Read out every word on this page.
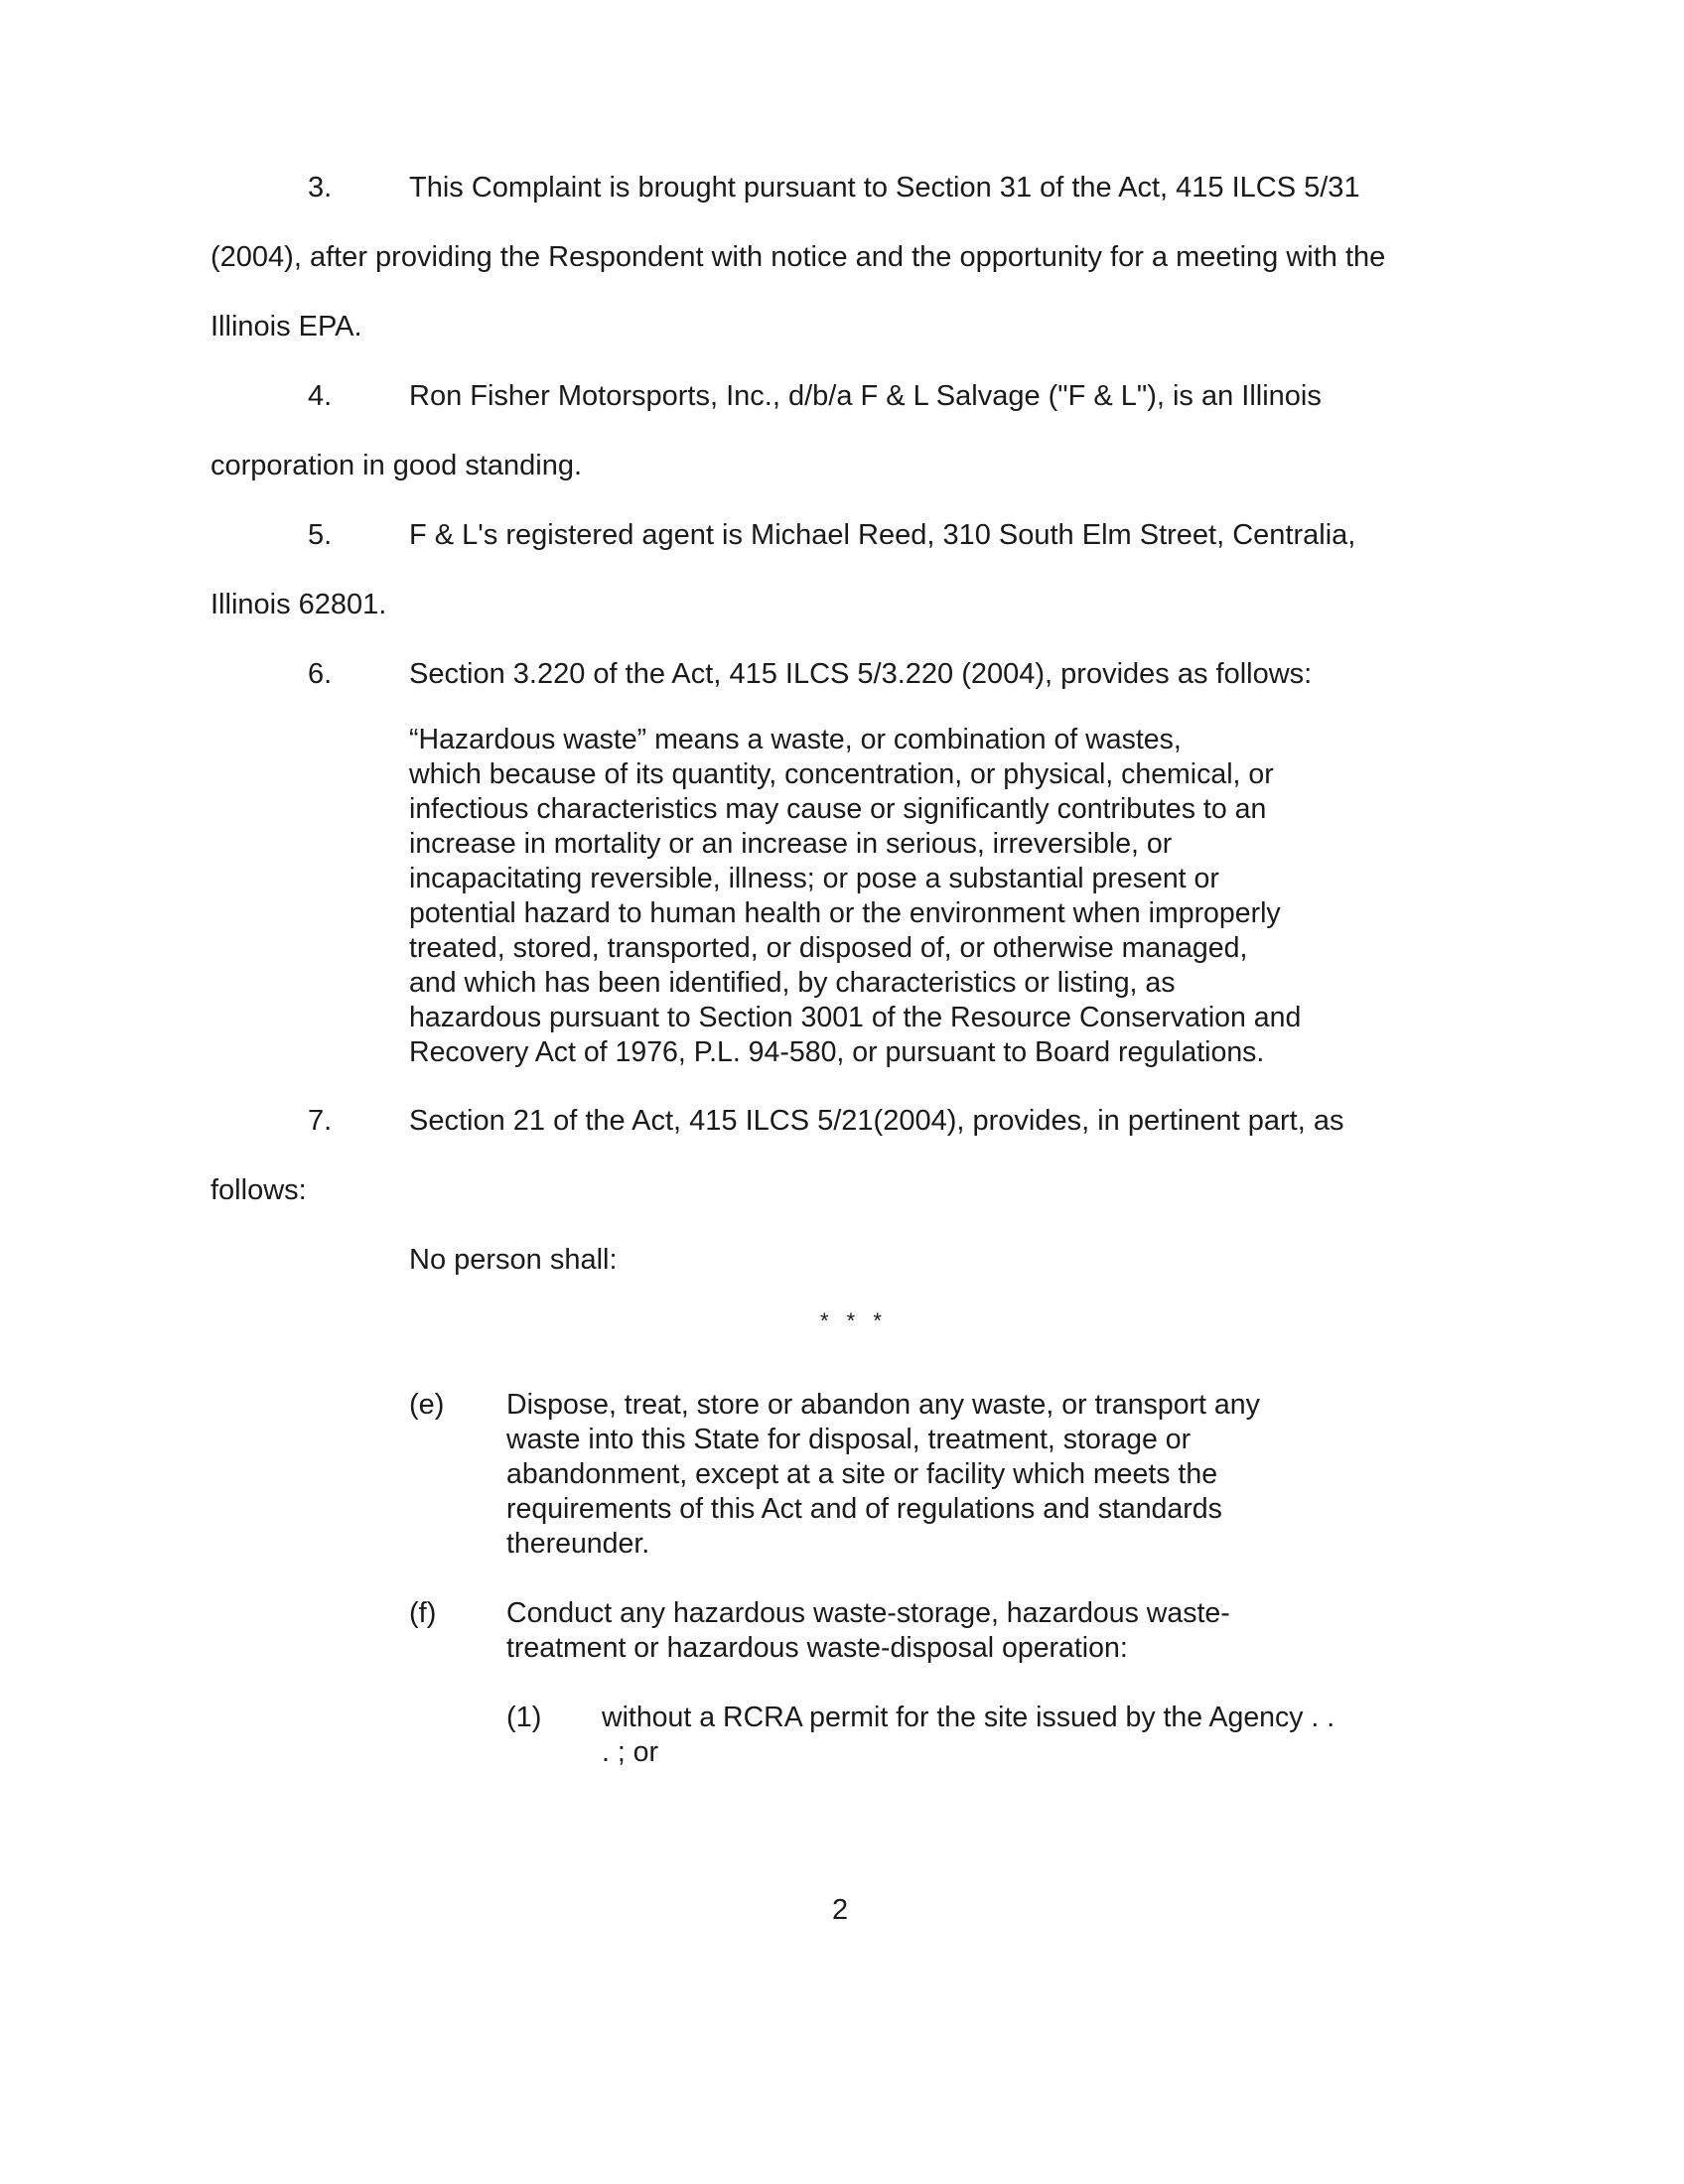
3.	This Complaint is brought pursuant to Section 31 of the Act, 415 ILCS 5/31
(2004), after providing the Respondent with notice and the opportunity for a meeting with the
Illinois EPA.
4.	Ron Fisher Motorsports, Inc., d/b/a F & L Salvage ("F & L"), is an Illinois
corporation in good standing.
5.	F & L's registered agent is Michael Reed, 310 South Elm Street, Centralia,
Illinois 62801.
6.	Section 3.220 of the Act, 415 ILCS 5/3.220 (2004), provides as follows:
“Hazardous waste” means a waste, or combination of wastes,
which because of its quantity, concentration, or physical, chemical, or
infectious characteristics may cause or significantly contributes to an
increase in mortality or an increase in serious, irreversible, or
incapacitating reversible, illness; or pose a substantial present or
potential hazard to human health or the environment when improperly
treated, stored, transported, or disposed of, or otherwise managed,
and which has been identified, by characteristics or listing, as
hazardous pursuant to Section 3001 of the Resource Conservation and
Recovery Act of 1976, P.L. 94-580, or pursuant to Board regulations.
7.	Section 21 of the Act, 415 ILCS 5/21(2004), provides, in pertinent part, as
follows:
No person shall:
* * *
(e) Dispose, treat, store or abandon any waste, or transport any
waste into this State for disposal, treatment, storage or
abandonment, except at a site or facility which meets the
requirements of this Act and of regulations and standards
thereunder.
(f) Conduct any hazardous waste-storage, hazardous waste-
treatment or hazardous waste-disposal operation:
(1) without a RCRA permit for the site issued by the Agency . .
. ; or
2
